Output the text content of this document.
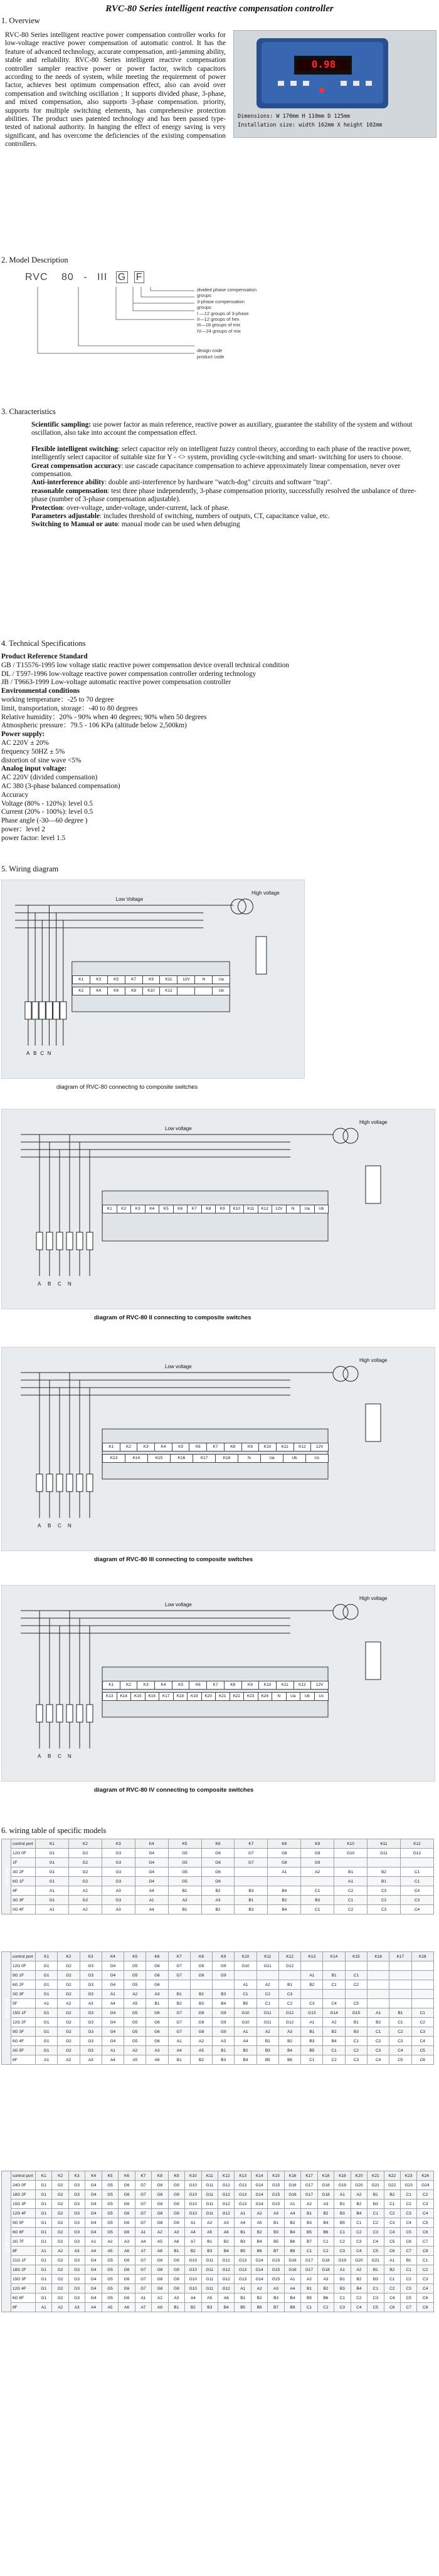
RVC-80 Series intelligent reactive compensation controller
1. Overview
RVC-80 Series intelligent reactive power compensation controller works for low-voltage reactive power compensation of automatic control. It has the feature of advanced technology, accurate compensation, anti-jamming ability, stable and reliability. RVC-80 Series intelligent reactive compensation controller sampler reactive power or power factor, switch capacitors according to the needs of system, while meeting the requirement of power factor, achieves best optimum compensation effect, also can avoid over compensation and switching oscillation ; It supports divided phase, 3-phase, and mixed compensation, also supports 3-phase compensation. priority, supports for multiple switching elements, has comprehensive protection abilities. The product uses patented technology and has been passed type-tested of national authority. In hanging the effect of energy saving is very significant, and has overcome the deficiencies of the existing compensation controllers.
0.98
Dimensions: W 170mm H 110mm D 125mm
Installation size: width 162mm X height 102mm
2. Model Description
RVC 80 - III G F
divided phase compensation
groups
3-phase compensation
groups
I —12 groups of 3-phase
II—12 groups of hex
III—18 groups of mix
IV—24 groups of mix
design code
product code
3. Characteristics

Scientific sampling: use power factor as main reference, reactive power as auxiliary, guarantee the stability of the system and without oscillation, also take into account the compensation effect.

Flexible intelligent switching: select capacitor rely on intelligent fuzzy control theory, according to each phase of the reactive power, intelligently select capacitor of suitable size for Y - <> system, providing cycle-switching and smart- switching for users to choose.

Great compensation accuracy: use cascade capacitance compensation to achieve approximately linear compensation, never over compensation.

Anti-interference ability: double anti-interference by hardware "watch-dog" circuits and software "trap".

reasonable compensation: test three phase independently, 3-phase compensation priority, successfully resolved the unbalance of three-phase (number of 3-phase compensation adjustable).

Protection: over-voltage, under-voltage, under-current, lack of phase.

Parameters adjustable: includes threshold of switching, numbers of outputs, CT, capacitance value, etc.

Switching to Manual or auto: manual mode can be used when debuging

4. Technical Specifications
Product Reference Standard
GB / T15576-1995 low voltage static reactive power compensation device overall technical condition
DL / T597-1996 low-voltage reactive power compensation controller ordering technology
JB / T9663-1999 Low-voltage automatic reactive power compensation controller
Environmental conditions
working temperature：-25 to 70 degree
limit, transportation, storage：-40 to 80 degrees
Relative humidity：20% - 90% when 40 degrees; 90% when 50 degrees
Atmospheric pressure：79.5 - 106 KPa (altitude below 2,500km)
Power supply:
AC 220V ± 20%
frequency 50HZ ± 5%
distortion of sine wave <5%
Analog input voltage:
AC 220V (divided compensation)
AC 380 (3-phase balanced compensation)
Accuracy
Voltage (80% - 120%): level 0.5
Current (20% - 100%): level 0.5
Phase angle (-30—60 degree )
power：level 2
power factor: level 1.5
5. Wiring diagram
Low Voltage
High voltage
A B C N
K1	K3	K5	K7	K9	K11	12V	N	Ua
K2	K4	K6	K8	K10	K12	Ub
diagram of RVC-80 connecting to composite switches
Low voltage
High voltage
A B C N
K1	K2	K3	K4	K5	K6	K7	K8	K9	K10	K11	K12	12V	N	Ua	Ub
diagram of RVC-80 II connecting to composite switches
Low voltage
High voltage
A B C N
K1	K2	K3	K4	K5	K6	K7	K8	K9	K10	K11	K12	12V
K13	K14	K15	K16	K17	K18	N	Ua	Ub	Uc
diagram of RVC-80 III connecting to composite switches
Low voltage
High voltage
A B C N
K1	K2	K3	K4	K5	K6	K7	K8	K9	K10	K11	K12	12V
K13	K14	K15	K16	K17	K18	K19	K20	K21	K22	K23	K24	N	Ua	Ub	Uc
diagram of RVC-80 IV connecting to composite switches
6. wiring table of specific models
RVC-80-I	control port	K1	K2	K3	K4	K5	K6	K7	K8	K9	K10	K11	K12
	12G 0F	G1	G2	G3	G4	G5	G6	G7	G8	G9	G10	G11	G12
	1F	G1	G2	G3	G4	G5	G6	G7	G8	G9			
	3G 2F	G1	G2	G3	G4	G5	G6		A1	A2	B1	B2	C1
	6G 1F	G1	G2	G3	G4	G5	G6				A1	B1	C1
	4F	A1	A2	A3	A4	B1	B2	B3	B4	C1	C2	C3	C4
	3G 3F	G1	G2	G3	A1	A2	A3	B1	B2	B3	C1	C2	C3
	0G 4F	A1	A2	A3	A4	B1	B2	B3	B4	C1	C2	C3	C4
RVC-80-II	control port	K1	K2	K3	K4	K5	K6	K7	K8	K9	K10	K11	K12	K13	K14	K15	K16	K17	K18
	12G 0F	G1	G2	G3	G4	G5	G6	G7	G8	G9	G10	G11	G12						
	9G 1F	G1	G2	G3	G4	G5	G6	G7	G8	G9				A1	B1	C1			
	6G 2F	G1	G2	G3	G4	G5	G6				A1	A2	B1	B2	C1	C2			
	3G 3F	G1	G2	G3	A1	A2	A3	B1	B2	B3	C1	C2	C3						
	5F	A1	A2	A3	A4	A5	B1	B2	B3	B4	B5	C1	C2	C3	C4	C5			
	15G 1F	G1	G2	G3	G4	G5	G6	G7	G8	G9	G10	G11	G12	G13	G14	G15	A1	B1	C1
	12G 2F	G1	G2	G3	G4	G5	G6	G7	G8	G9	G10	G11	G12	A1	A2	B1	B2	C1	C2
	9G 3F	G1	G2	G3	G4	G5	G6	G7	G8	G9	A1	A2	A3	B1	B2	B3	C1	C2	C3
	6G 4F	G1	G2	G3	G4	G5	G6	A1	A2	A3	A4	B1	B2	B3	B4	C1	C2	C3	C4
	3G 5F	G1	G2	G3	A1	A2	A3	A4	A5	B1	B2	B3	B4	B5	C1	C2	C3	C4	C5
	6F	A1	A2	A3	A4	A5	A6	B1	B2	B3	B4	B5	B6	C1	C2	C3	C4	C5	C6
RVC-80-III	control port	K1	K2	K3	K4	K5	K6	K7	K8	K9	K10	K11	K12	K13	K14	K15	K16	K17	K18	K19	K20	K21	K22	K23	K24
	24G 0F	G1	G2	G3	G4	G5	G6	G7	G8	G9	G10	G11	G12	G13	G14	G15	G16	G17	G18	G19	G20	G21	G22	G23	G24
	18G 2F	G1	G2	G3	G4	G5	G6	G7	G8	G9	G10	G11	G12	G13	G14	G15	G16	G17	G18	A1	A2	B1	B2	C1	C2
	15G 3F	G1	G2	G3	G4	G5	G6	G7	G8	G9	G10	G11	G12	G13	G14	G15	A1	A2	A3	B1	B2	B3	C1	C2	C3
	12G 4F	G1	G2	G3	G4	G5	G6	G7	G8	G9	G10	G11	G12	A1	A2	A3	A4	B1	B2	B3	B4	C1	C2	C3	C4
	9G 5F	G1	G2	G3	G4	G5	G6	G7	G8	G9	A1	A2	A3	A4	A5	B1	B2	B3	B4	B5	C1	C2	C3	C4	C5
	6G 6F	G1	G2	G3	G4	G5	G6	A1	A2	A3	A4	A5	A6	B1	B2	B3	B4	B5	B6	C1	C2	C3	C4	C5	C6
	3G 7F	G1	G2	G3	A1	A2	A3	A4	A5	A6	A7	B1	B2	B3	B4	B5	B6	B7	C1	C2	C3	C4	C5	C6	C7
	8F	A1	A2	A3	A4	A5	A6	A7	A8	B1	B2	B3	B4	B5	B6	B7	B8	C1	C2	C3	C4	C5	C6	C7	C8
	21G 1F	G1	G2	G3	G4	G5	G6	G7	G8	G9	G10	G11	G12	G13	G14	G15	G16	G17	G18	G19	G20	G21	A1	B1	C1
	18G 2F	G1	G2	G3	G4	G5	G6	G7	G8	G9	G10	G11	G12	G13	G14	G15	G16	G17	G18	A1	A2	B1	B2	C1	C2
	15G 3F	G1	G2	G3	G4	G5	G6	G7	G8	G9	G10	G11	G12	G13	G14	G15	A1	A2	A3	B1	B2	B3	C1	C2	C3
	12G 4F	G1	G2	G3	G4	G5	G6	G7	G8	G9	G10	G11	G12	A1	A2	A3	A4	B1	B2	B3	B4	C1	C2	C3	C4
	6G 6F	G1	G2	G3	G4	G5	G6	A1	A2	A3	A4	A5	A6	B1	B2	B3	B4	B5	B6	C1	C2	C3	C4	C5	C6
	8F	A1	A2	A3	A4	A5	A6	A7	A8	B1	B2	B3	B4	B5	B6	B7	B8	C1	C2	C3	C4	C5	C6	C7	C8
